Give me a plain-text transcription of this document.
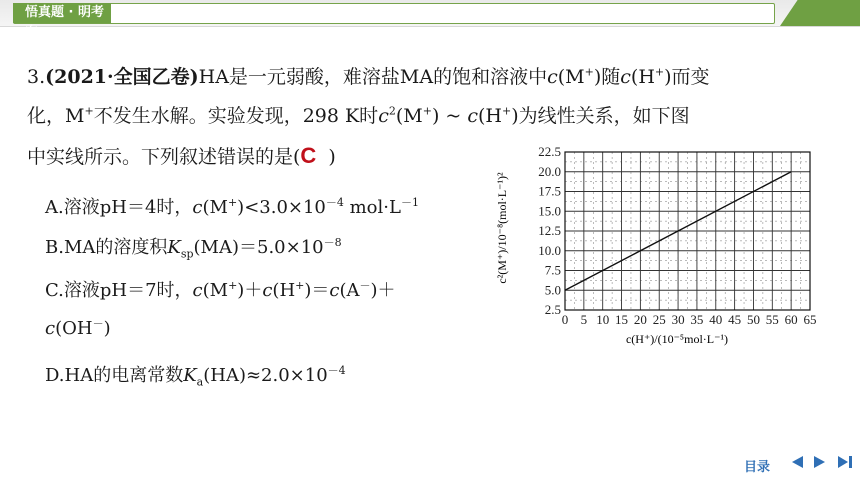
悟真题 · 明考向

3.(2021·全国乙卷)HA是一元弱酸，难溶盐MA的饱和溶液中c(M+)随c(H+)而变

化，M+不发生水解。实验发现，298 K时$c^2(M^+)$ ~ c(H+)为线性关系，如下图

中实线所示。下列叙述错误的是(C )

A.溶液pH＝4时，$c(M^+)<3.0\times 10^{-4}$ $mol\cdot L^{-1}$
B.MA的溶度积$K_{sp}(MA)=5.0\times 10^{-8}$
C.溶液pH＝7时，c(M+)＋c(H+)＝c(A－)＋
c(OH－)
D.HA的电离常数$K_a(HA)\approx 2.0\times 10^{-4}$
2.5
5.0
7.5
10.0
12.5
15.0
17.5
20.0
22.5
0 5 10 15 20 25 30 35 40 45 50 55 60 65
c²(M⁺)/10⁻⁸(mol·L⁻¹)²
c(H⁺)/(10⁻⁵mol·L⁻¹)
目录
